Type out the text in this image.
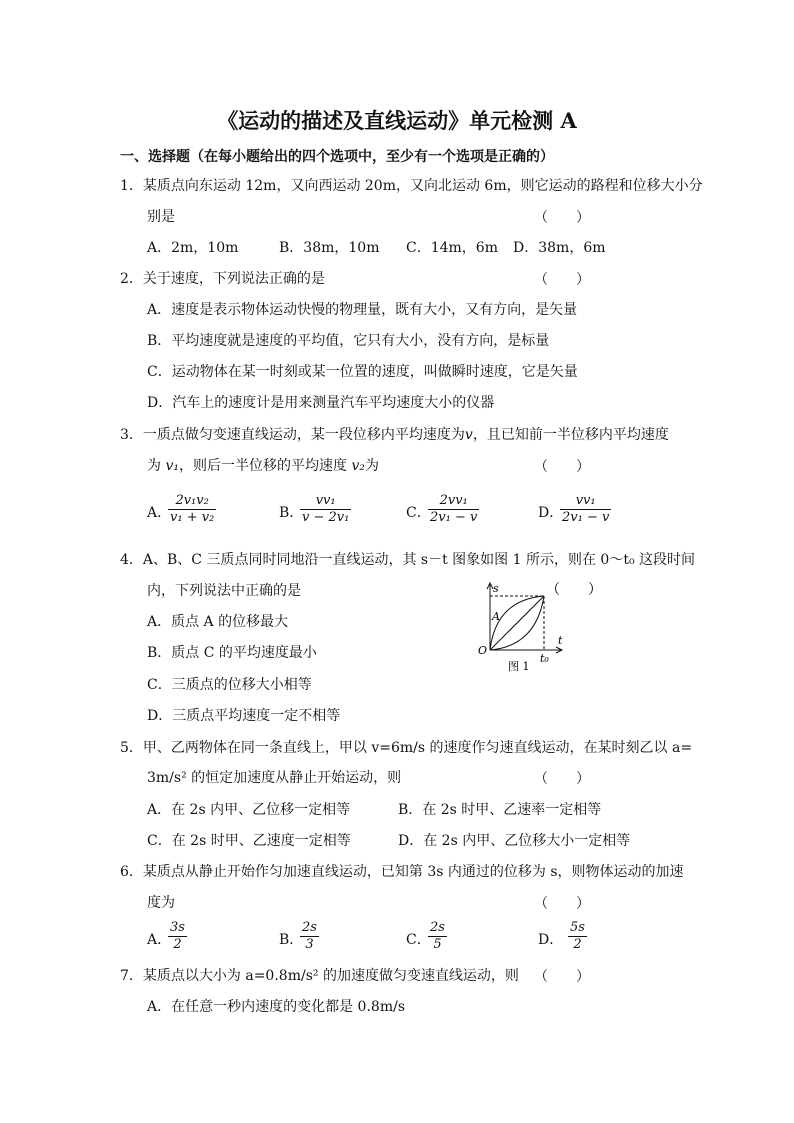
《运动的描述及直线运动》单元检测 A
一、选择题（在每小题给出的四个选项中，至少有一个选项是正确的）
1．某质点向东运动 12m，又向西运动 20m，又向北运动 6m，则它运动的路程和位移大小分
别是	（　　）
A．2m，10m	B．38m，10m C．14m，6m D．38m，6m
2．关于速度，下列说法正确的是	（　　）
A．速度是表示物体运动快慢的物理量，既有大小，又有方向，是矢量
B．平均速度就是速度的平均值，它只有大小，没有方向，是标量
C．运动物体在某一时刻或某一位置的速度，叫做瞬时速度，它是矢量
D．汽车上的速度计是用来测量汽车平均速度大小的仪器
3．一质点做匀变速直线运动，某一段位移内平均速度为v，且已知前一半位移内平均速度
为 v₁，则后一半位移的平均速度 v₂为	（　　）
A．
$\frac{\text{2v₁v₂}}{\text{v₁ + v₂}}$	B．
$\frac{\text{vv₁}}{\text{v − 2v₁}}$	C．
$\frac{\text{2vv₁}}{\text{2v₁ − v}}$	D．
$\frac{\text{vv₁}}{\text{2v₁ − v}}$
4．A、B、C 三质点同时同地沿一直线运动，其 s－t 图象如图 1 所示，则在 0～t₀ 这段时间
内，下列说法中正确的是
A．质点 A 的位移最大
B．质点 C 的平均速度最小
C．三质点的位移大小相等
D．三质点平均速度一定不相等
（　　）
s
A
O
t
t₀
图 1
5．甲、乙两物体在同一条直线上，甲以 v=6m/s 的速度作匀速直线运动，在某时刻乙以 a=
3m/s² 的恒定加速度从静止开始运动，则	（　　）
A．在 2s 内甲、乙位移一定相等	B．在 2s 时甲、乙速率一定相等
C．在 2s 时甲、乙速度一定相等	D．在 2s 内甲、乙位移大小一定相等
6．某质点从静止开始作匀加速直线运动，已知第 3s 内通过的位移为 s，则物体运动的加速
度为	（　　）
A．
$\frac{3s}{2}$	B．
$\frac{2s}{3}$	C．
$\frac{2s}{5}$	D． $\frac{5s}{2}$
7．某质点以大小为 a=0.8m/s² 的加速度做匀变速直线运动，则 （　　）
A．在任意一秒内速度的变化都是 0.8m/s
